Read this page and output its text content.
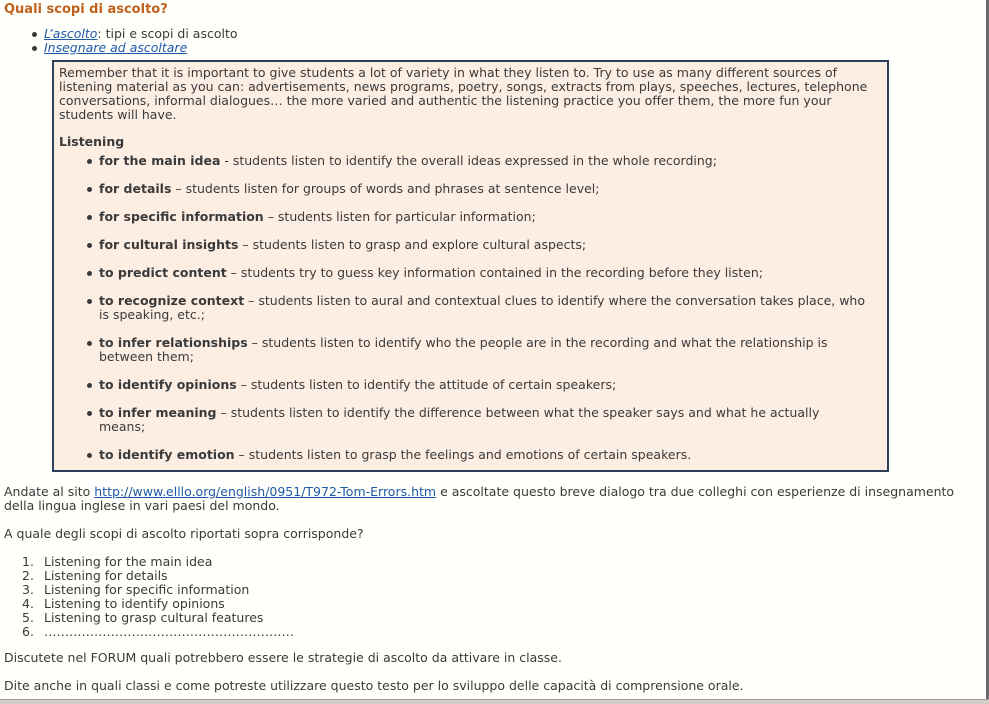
Quali scopi di ascolto?
L’ascolto: tipi e scopi di ascolto
Insegnare ad ascoltare

Remember that it is important to give students a lot of variety in what they listen to. Try to use as many different sources of listening material as you can: advertisements, news programs, poetry, songs, extracts from plays, speeches, lectures, telephone conversations, informal dialogues… the more varied and authentic the listening practice you offer them, the more fun your students will have.

Listening

for the main idea - students listen to identify the overall ideas expressed in the whole recording;
for details – students listen for groups of words and phrases at sentence level;
for specific information – students listen for particular information;
for cultural insights – students listen to grasp and explore cultural aspects;
to predict content – students try to guess key information contained in the recording before they listen;
to recognize context – students listen to aural and contextual clues to identify where the conversation takes place, who is speaking, etc.;
to infer relationships – students listen to identify who the people are in the recording and what the relationship is between them;
to identify opinions – students listen to identify the attitude of certain speakers;
to infer meaning – students listen to identify the difference between what the speaker says and what he actually means;
to identify emotion – students listen to grasp the feelings and emotions of certain speakers.

Andate al sito http://www.elllo.org/english/0951/T972-Tom-Errors.htm e ascoltate questo breve dialogo tra due colleghi con esperienze di insegnamento della lingua inglese in vari paesi del mondo.

A quale degli scopi di ascolto riportati sopra corrisponde?

1. Listening for the main idea
2. Listening for details
3. Listening for specific information
4. Listening to identify opinions
5. Listening to grasp cultural features
6. ……………………………………………………

Discutete nel FORUM quali potrebbero essere le strategie di ascolto da attivare in classe.

Dite anche in quali classi e come potreste utilizzare questo testo per lo sviluppo delle capacità di comprensione orale.
